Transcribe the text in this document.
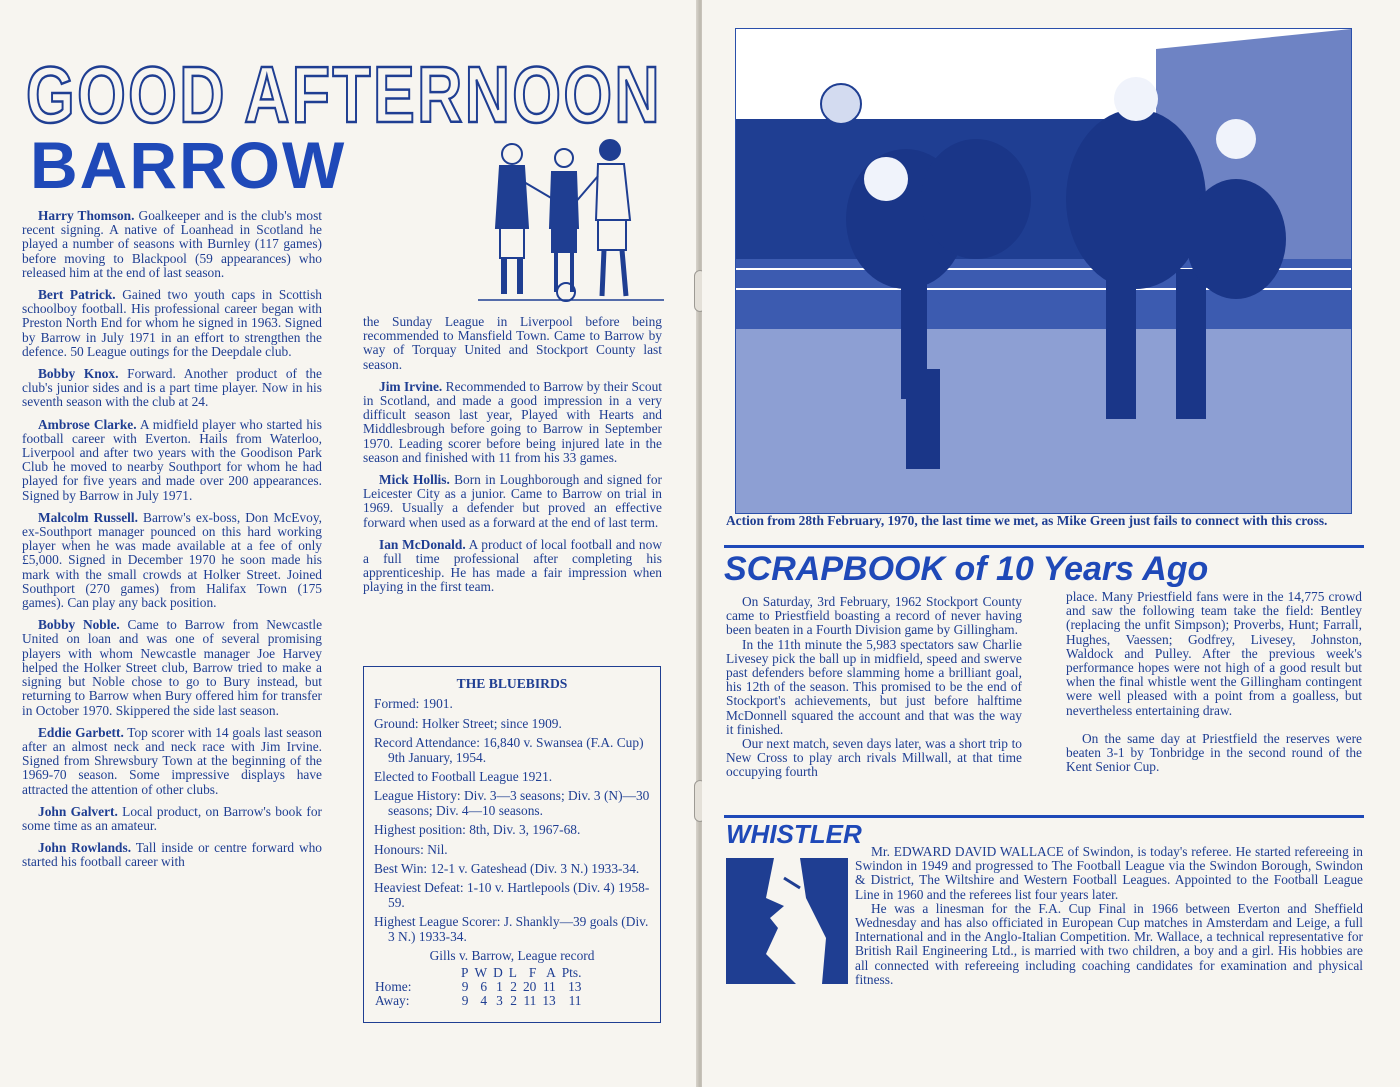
GOOD AFTERNOON
BARROW

Harry Thomson. Goalkeeper and is the club's most recent signing. A native of Loanhead in Scotland he played a number of seasons with Burnley (117 games) before moving to Blackpool (59 appearances) who released him at the end of last season.

Bert Patrick. Gained two youth caps in Scottish schoolboy football. His professional career began with Preston North End for whom he signed in 1963. Signed by Barrow in July 1971 in an effort to strengthen the defence. 50 League outings for the Deepdale club.

Bobby Knox. Forward. Another product of the club's junior sides and is a part time player. Now in his seventh season with the club at 24.

Ambrose Clarke. A midfield player who started his football career with Everton. Hails from Waterloo, Liverpool and after two years with the Goodison Park Club he moved to nearby Southport for whom he had played for five years and made over 200 appearances. Signed by Barrow in July 1971.

Malcolm Russell. Barrow's ex-boss, Don McEvoy, ex-Southport manager pounced on this hard working player when he was made available at a fee of only £5,000. Signed in December 1970 he soon made his mark with the small crowds at Holker Street. Joined Southport (270 games) from Halifax Town (175 games). Can play any back position.

Bobby Noble. Came to Barrow from Newcastle United on loan and was one of several promising players with whom Newcastle manager Joe Harvey helped the Holker Street club, Barrow tried to make a signing but Noble chose to go to Bury instead, but returning to Barrow when Bury offered him for transfer in October 1970. Skippered the side last season.

Eddie Garbett. Top scorer with 14 goals last season after an almost neck and neck race with Jim Irvine. Signed from Shrewsbury Town at the beginning of the 1969-70 season. Some impressive displays have attracted the attention of other clubs.

John Galvert. Local product, on Barrow's book for some time as an amateur.

John Rowlands. Tall inside or centre forward who started his football career with

the Sunday League in Liverpool before being recommended to Mansfield Town. Came to Barrow by way of Torquay United and Stockport County last season.

Jim Irvine. Recommended to Barrow by their Scout in Scotland, and made a good impression in a very difficult season last year, Played with Hearts and Middlesbrough before going to Barrow in September 1970. Leading scorer before being injured late in the season and finished with 11 from his 33 games.

Mick Hollis. Born in Loughborough and signed for Leicester City as a junior. Came to Barrow on trial in 1969. Usually a defender but proved an effective forward when used as a forward at the end of last term.

Ian McDonald. A product of local football and now a full time professional after completing his apprenticeship. He has made a fair impression when playing in the first team.

THE BLUEBIRDS
Formed: 1901.
Ground: Holker Street; since 1909.
Record Attendance: 16,840 v. Swansea (F.A. Cup) 9th January, 1954.
Elected to Football League 1921.
League History: Div. 3—3 seasons; Div. 3 (N)—30 seasons; Div. 4—10 seasons.
Highest position: 8th, Div. 3, 1967-68.
Honours: Nil.
Best Win: 12-1 v. Gateshead (Div. 3 N.) 1933-34.
Heaviest Defeat: 1-10 v. Hartlepools (Div. 4) 1958-59.
Highest League Scorer: J. Shankly—39 goals (Div. 3 N.) 1933-34.
Gills v. Barrow, League record
	P	W	D	L	F	A	Pts.
Home:	9	6	1	2	20	11	13
Away:	9	4	3	2	11	13	11
Action from 28th February, 1970, the last time we met, as Mike Green just fails to connect with this cross.
SCRAPBOOK of 10 Years Ago

On Saturday, 3rd February, 1962 Stockport County came to Priestfield boasting a record of never having been beaten in a Fourth Division game by Gillingham.

In the 11th minute the 5,983 spectators saw Charlie Livesey pick the ball up in midfield, speed and swerve past defenders before slamming home a brilliant goal, his 12th of the season. This promised to be the end of Stockport's achievements, but just before halftime McDonnell squared the account and that was the way it finished.

Our next match, seven days later, was a short trip to New Cross to play arch rivals Millwall, at that time occupying fourth

place. Many Priestfield fans were in the 14,775 crowd and saw the following team take the field: Bentley (replacing the unfit Simpson); Proverbs, Hunt; Farrall, Hughes, Vaessen; Godfrey, Livesey, Johnston, Waldock and Pulley. After the previous week's performance hopes were not high of a good result but when the final whistle went the Gillingham contingent were well pleased with a point from a goalless, but nevertheless entertaining draw.

On the same day at Priestfield the reserves were beaten 3-1 by Tonbridge in the second round of the Kent Senior Cup.

WHISTLER

Mr. EDWARD DAVID WALLACE of Swindon, is today's referee. He started refereeing in Swindon in 1949 and progressed to The Football League via the Swindon Borough, Swindon & District, The Wiltshire and Western Football Leagues. Appointed to the Football League Line in 1960 and the referees list four years later.

He was a linesman for the F.A. Cup Final in 1966 between Everton and Sheffield Wednesday and has also officiated in European Cup matches in Amsterdam and Leige, a full International and in the Anglo-Italian Competition. Mr. Wallace, a technical representative for British Rail Engineering Ltd., is married with two children, a boy and a girl. His hobbies are all connected with refereeing including coaching candidates for examination and physical fitness.
